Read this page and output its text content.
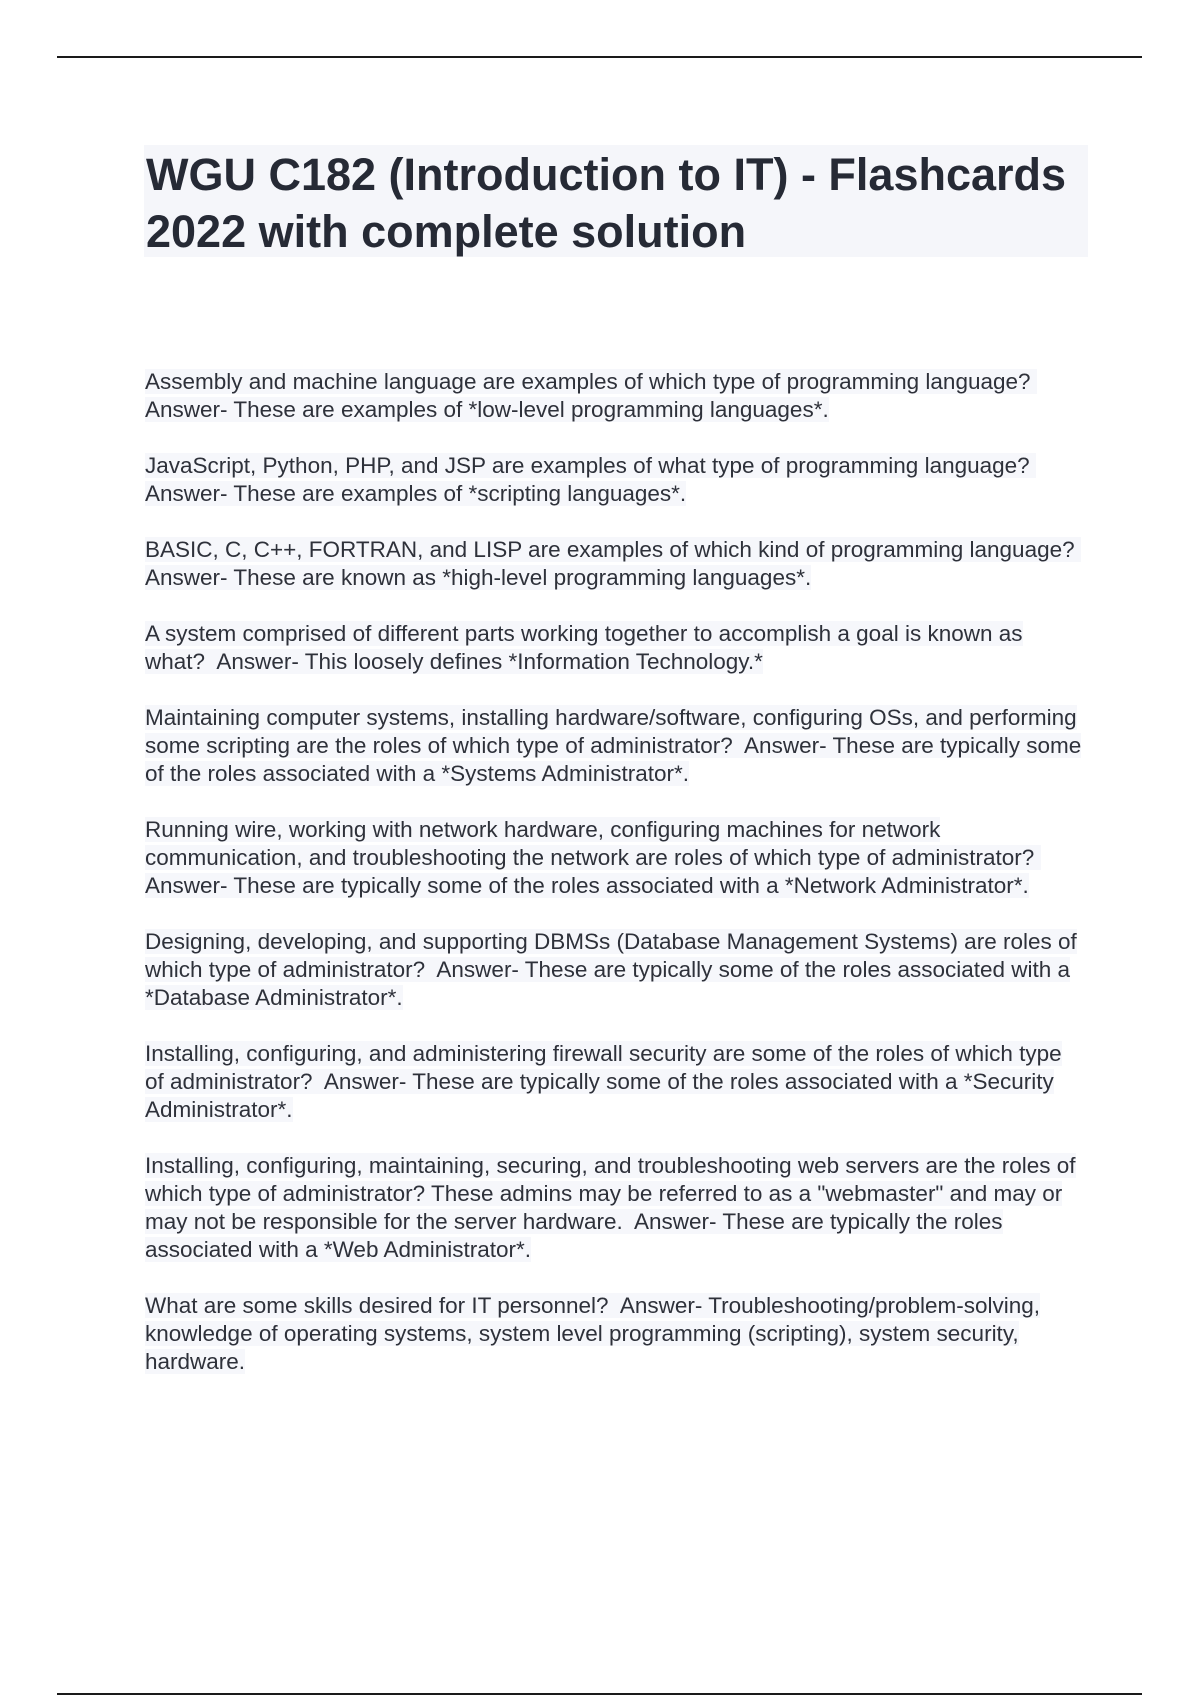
WGU C182 (Introduction to IT) - Flashcards 2022 with complete solution
Assembly and machine language are examples of which type of programming language?  Answer- These are examples of *low-level programming languages*.
JavaScript, Python, PHP, and JSP are examples of what type of programming language?  Answer- These are examples of *scripting languages*.
BASIC, C, C++, FORTRAN, and LISP are examples of which kind of programming language?  Answer- These are known as *high-level programming languages*.
A system comprised of different parts working together to accomplish a goal is known as what? Answer- This loosely defines *Information Technology.*
Maintaining computer systems, installing hardware/software, configuring OSs, and performing some scripting are the roles of which type of administrator? Answer- These are typically some of the roles associated with a *Systems Administrator*.
Running wire, working with network hardware, configuring machines for network communication, and troubleshooting the network are roles of which type of administrator?  Answer- These are typically some of the roles associated with a *Network Administrator*.
Designing, developing, and supporting DBMSs (Database Management Systems) are roles of which type of administrator? Answer- These are typically some of the roles associated with a *Database Administrator*.
Installing, configuring, and administering firewall security are some of the roles of which type of administrator? Answer- These are typically some of the roles associated with a *Security Administrator*.
Installing, configuring, maintaining, securing, and troubleshooting web servers are the roles of which type of administrator? These admins may be referred to as a "webmaster" and may or may not be responsible for the server hardware. Answer- These are typically the roles associated with a *Web Administrator*.
What are some skills desired for IT personnel? Answer- Troubleshooting/problem-solving, knowledge of operating systems, system level programming (scripting), system security, hardware.
